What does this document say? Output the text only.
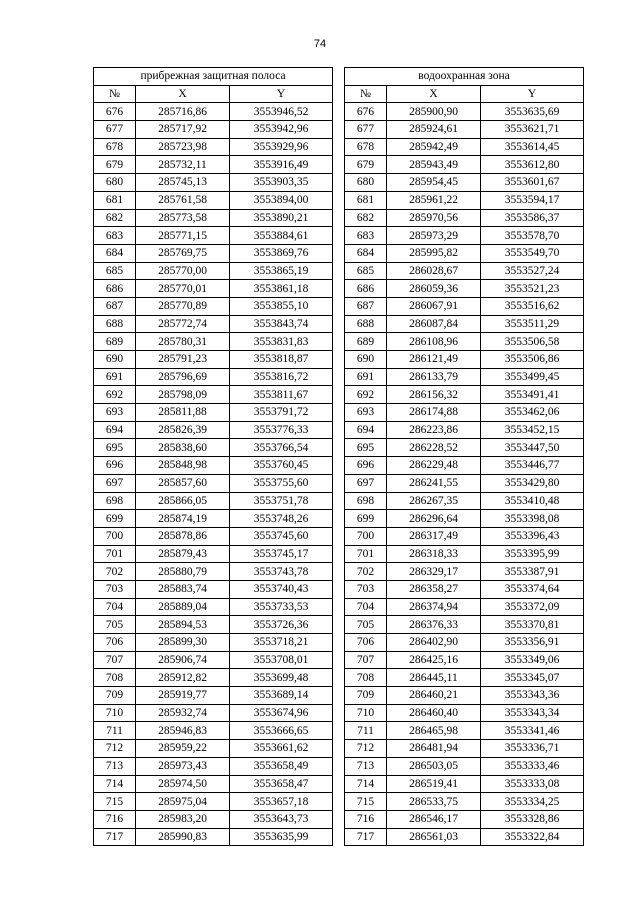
74
прибрежная защитная полоса		
№	X	Y
676	285716,86	3553946,52
677	285717,92	3553942,96
678	285723,98	3553929,96
679	285732,11	3553916,49
680	285745,13	3553903,35
681	285761,58	3553894,00
682	285773,58	3553890,21
683	285771,15	3553884,61
684	285769,75	3553869,76
685	285770,00	3553865,19
686	285770,01	3553861,18
687	285770,89	3553855,10
688	285772,74	3553843,74
689	285780,31	3553831,83
690	285791,23	3553818,87
691	285796,69	3553816,72
692	285798,09	3553811,67
693	285811,88	3553791,72
694	285826,39	3553776,33
695	285838,60	3553766,54
696	285848,98	3553760,45
697	285857,60	3553755,60
698	285866,05	3553751,78
699	285874,19	3553748,26
700	285878,86	3553745,60
701	285879,43	3553745,17
702	285880,79	3553743,78
703	285883,74	3553740,43
704	285889,04	3553733,53
705	285894,53	3553726,36
706	285899,30	3553718,21
707	285906,74	3553708,01
708	285912,82	3553699,48
709	285919,77	3553689,14
710	285932,74	3553674,96
711	285946,83	3553666,65
712	285959,22	3553661,62
713	285973,43	3553658,49
714	285974,50	3553658,47
715	285975,04	3553657,18
716	285983,20	3553643,73
717	285990,83	3553635,99
водоохранная зона		
№	X	Y
676	285900,90	3553635,69
677	285924,61	3553621,71
678	285942,49	3553614,45
679	285943,49	3553612,80
680	285954,45	3553601,67
681	285961,22	3553594,17
682	285970,56	3553586,37
683	285973,29	3553578,70
684	285995,82	3553549,70
685	286028,67	3553527,24
686	286059,36	3553521,23
687	286067,91	3553516,62
688	286087,84	3553511,29
689	286108,96	3553506,58
690	286121,49	3553506,86
691	286133,79	3553499,45
692	286156,32	3553491,41
693	286174,88	3553462,06
694	286223,86	3553452,15
695	286228,52	3553447,50
696	286229,48	3553446,77
697	286241,55	3553429,80
698	286267,35	3553410,48
699	286296,64	3553398,08
700	286317,49	3553396,43
701	286318,33	3553395,99
702	286329,17	3553387,91
703	286358,27	3553374,64
704	286374,94	3553372,09
705	286376,33	3553370,81
706	286402,90	3553356,91
707	286425,16	3553349,06
708	286445,11	3553345,07
709	286460,21	3553343,36
710	286460,40	3553343,34
711	286465,98	3553341,46
712	286481,94	3553336,71
713	286503,05	3553333,46
714	286519,41	3553333,08
715	286533,75	3553334,25
716	286546,17	3553328,86
717	286561,03	3553322,84
